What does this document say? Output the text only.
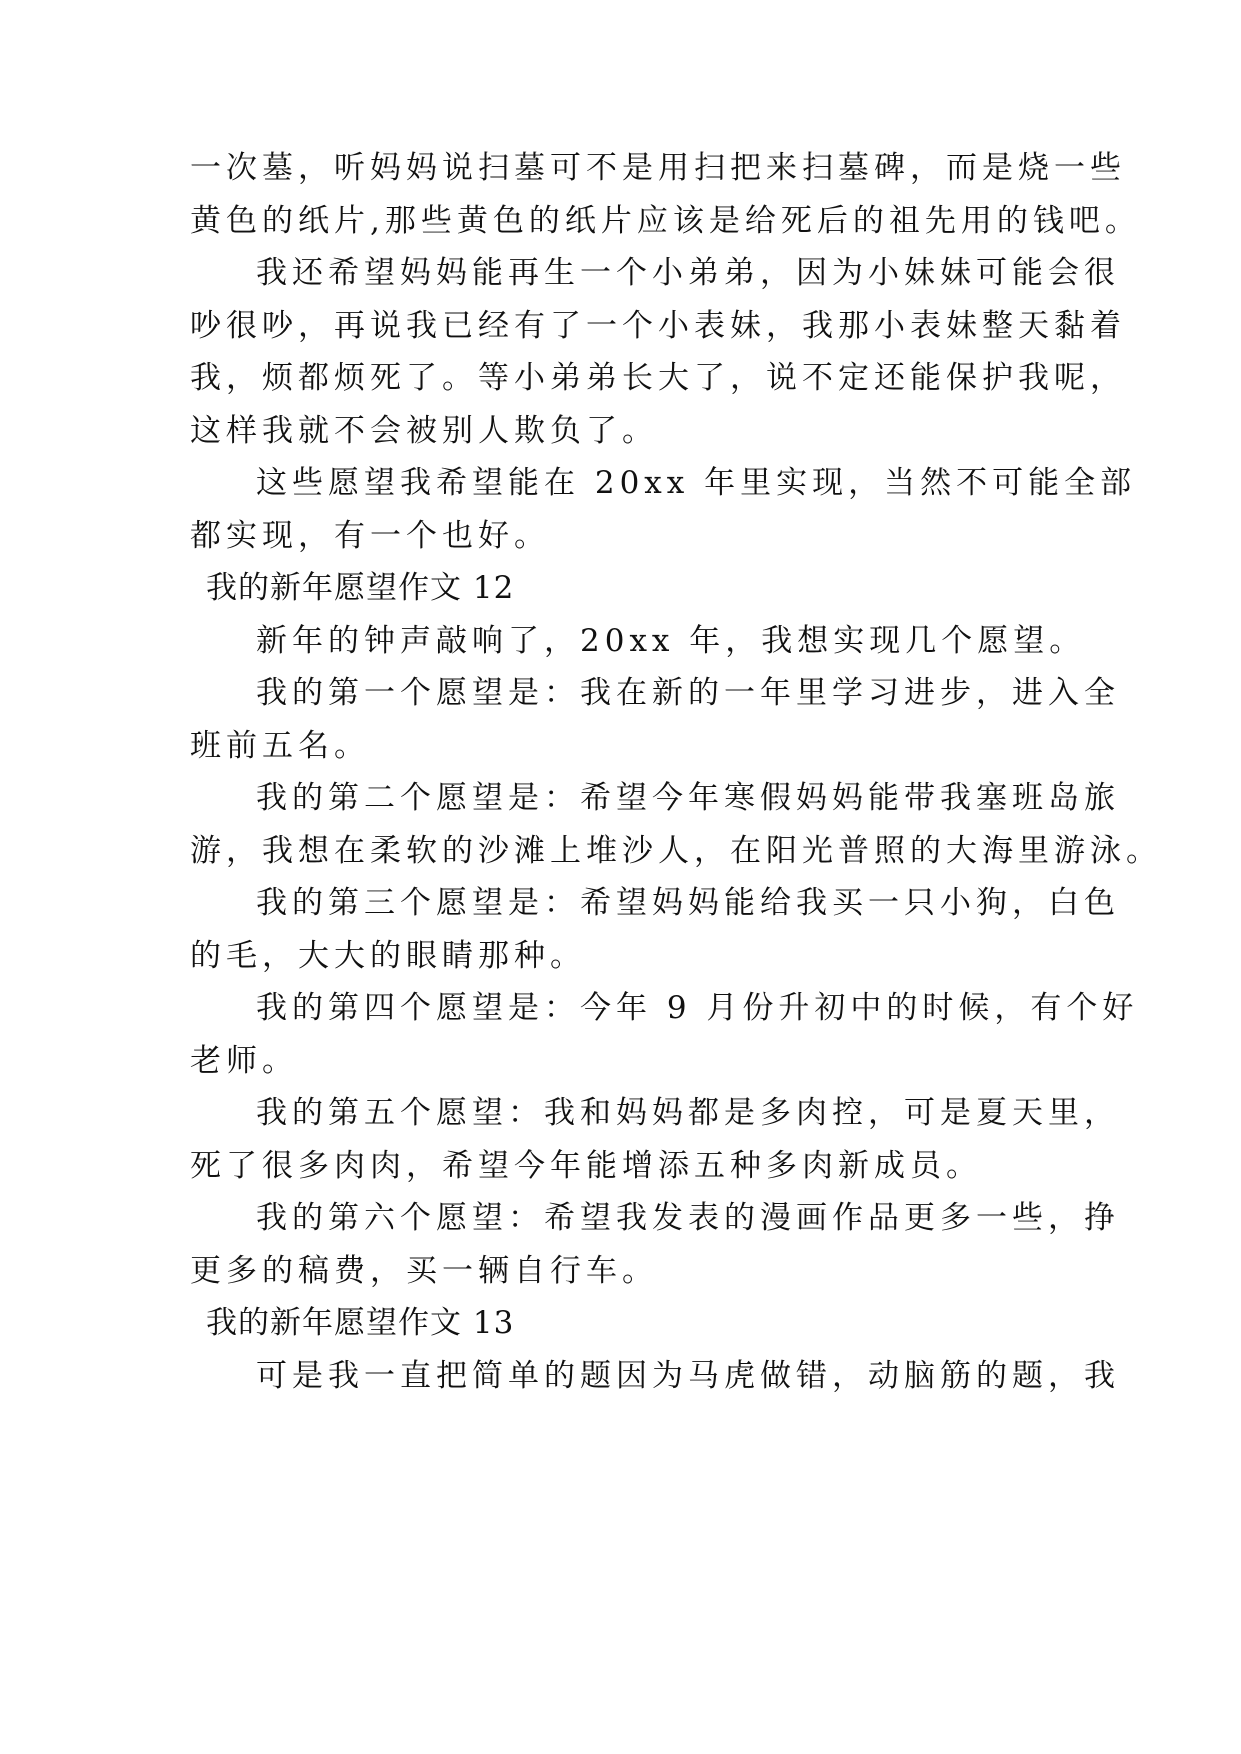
一次墓，听妈妈说扫墓可不是用扫把来扫墓碑，而是烧一些
黄色的纸片,那些黄色的纸片应该是给死后的祖先用的钱吧。
我还希望妈妈能再生一个小弟弟，因为小妹妹可能会很
吵很吵，再说我已经有了一个小表妹，我那小表妹整天黏着
我，烦都烦死了。等小弟弟长大了，说不定还能保护我呢，
这样我就不会被别人欺负了。
这些愿望我希望能在 20xx 年里实现，当然不可能全部
都实现，有一个也好。
我的新年愿望作文 12
新年的钟声敲响了，20xx 年，我想实现几个愿望。
我的第一个愿望是：我在新的一年里学习进步，进入全
班前五名。
我的第二个愿望是：希望今年寒假妈妈能带我塞班岛旅
游，我想在柔软的沙滩上堆沙人，在阳光普照的大海里游泳。
我的第三个愿望是：希望妈妈能给我买一只小狗，白色
的毛，大大的眼睛那种。
我的第四个愿望是：今年 9 月份升初中的时候，有个好
老师。
我的第五个愿望：我和妈妈都是多肉控，可是夏天里，
死了很多肉肉，希望今年能增添五种多肉新成员。
我的第六个愿望：希望我发表的漫画作品更多一些，挣
更多的稿费，买一辆自行车。
我的新年愿望作文 13
可是我一直把简单的题因为马虎做错，动脑筋的题，我
